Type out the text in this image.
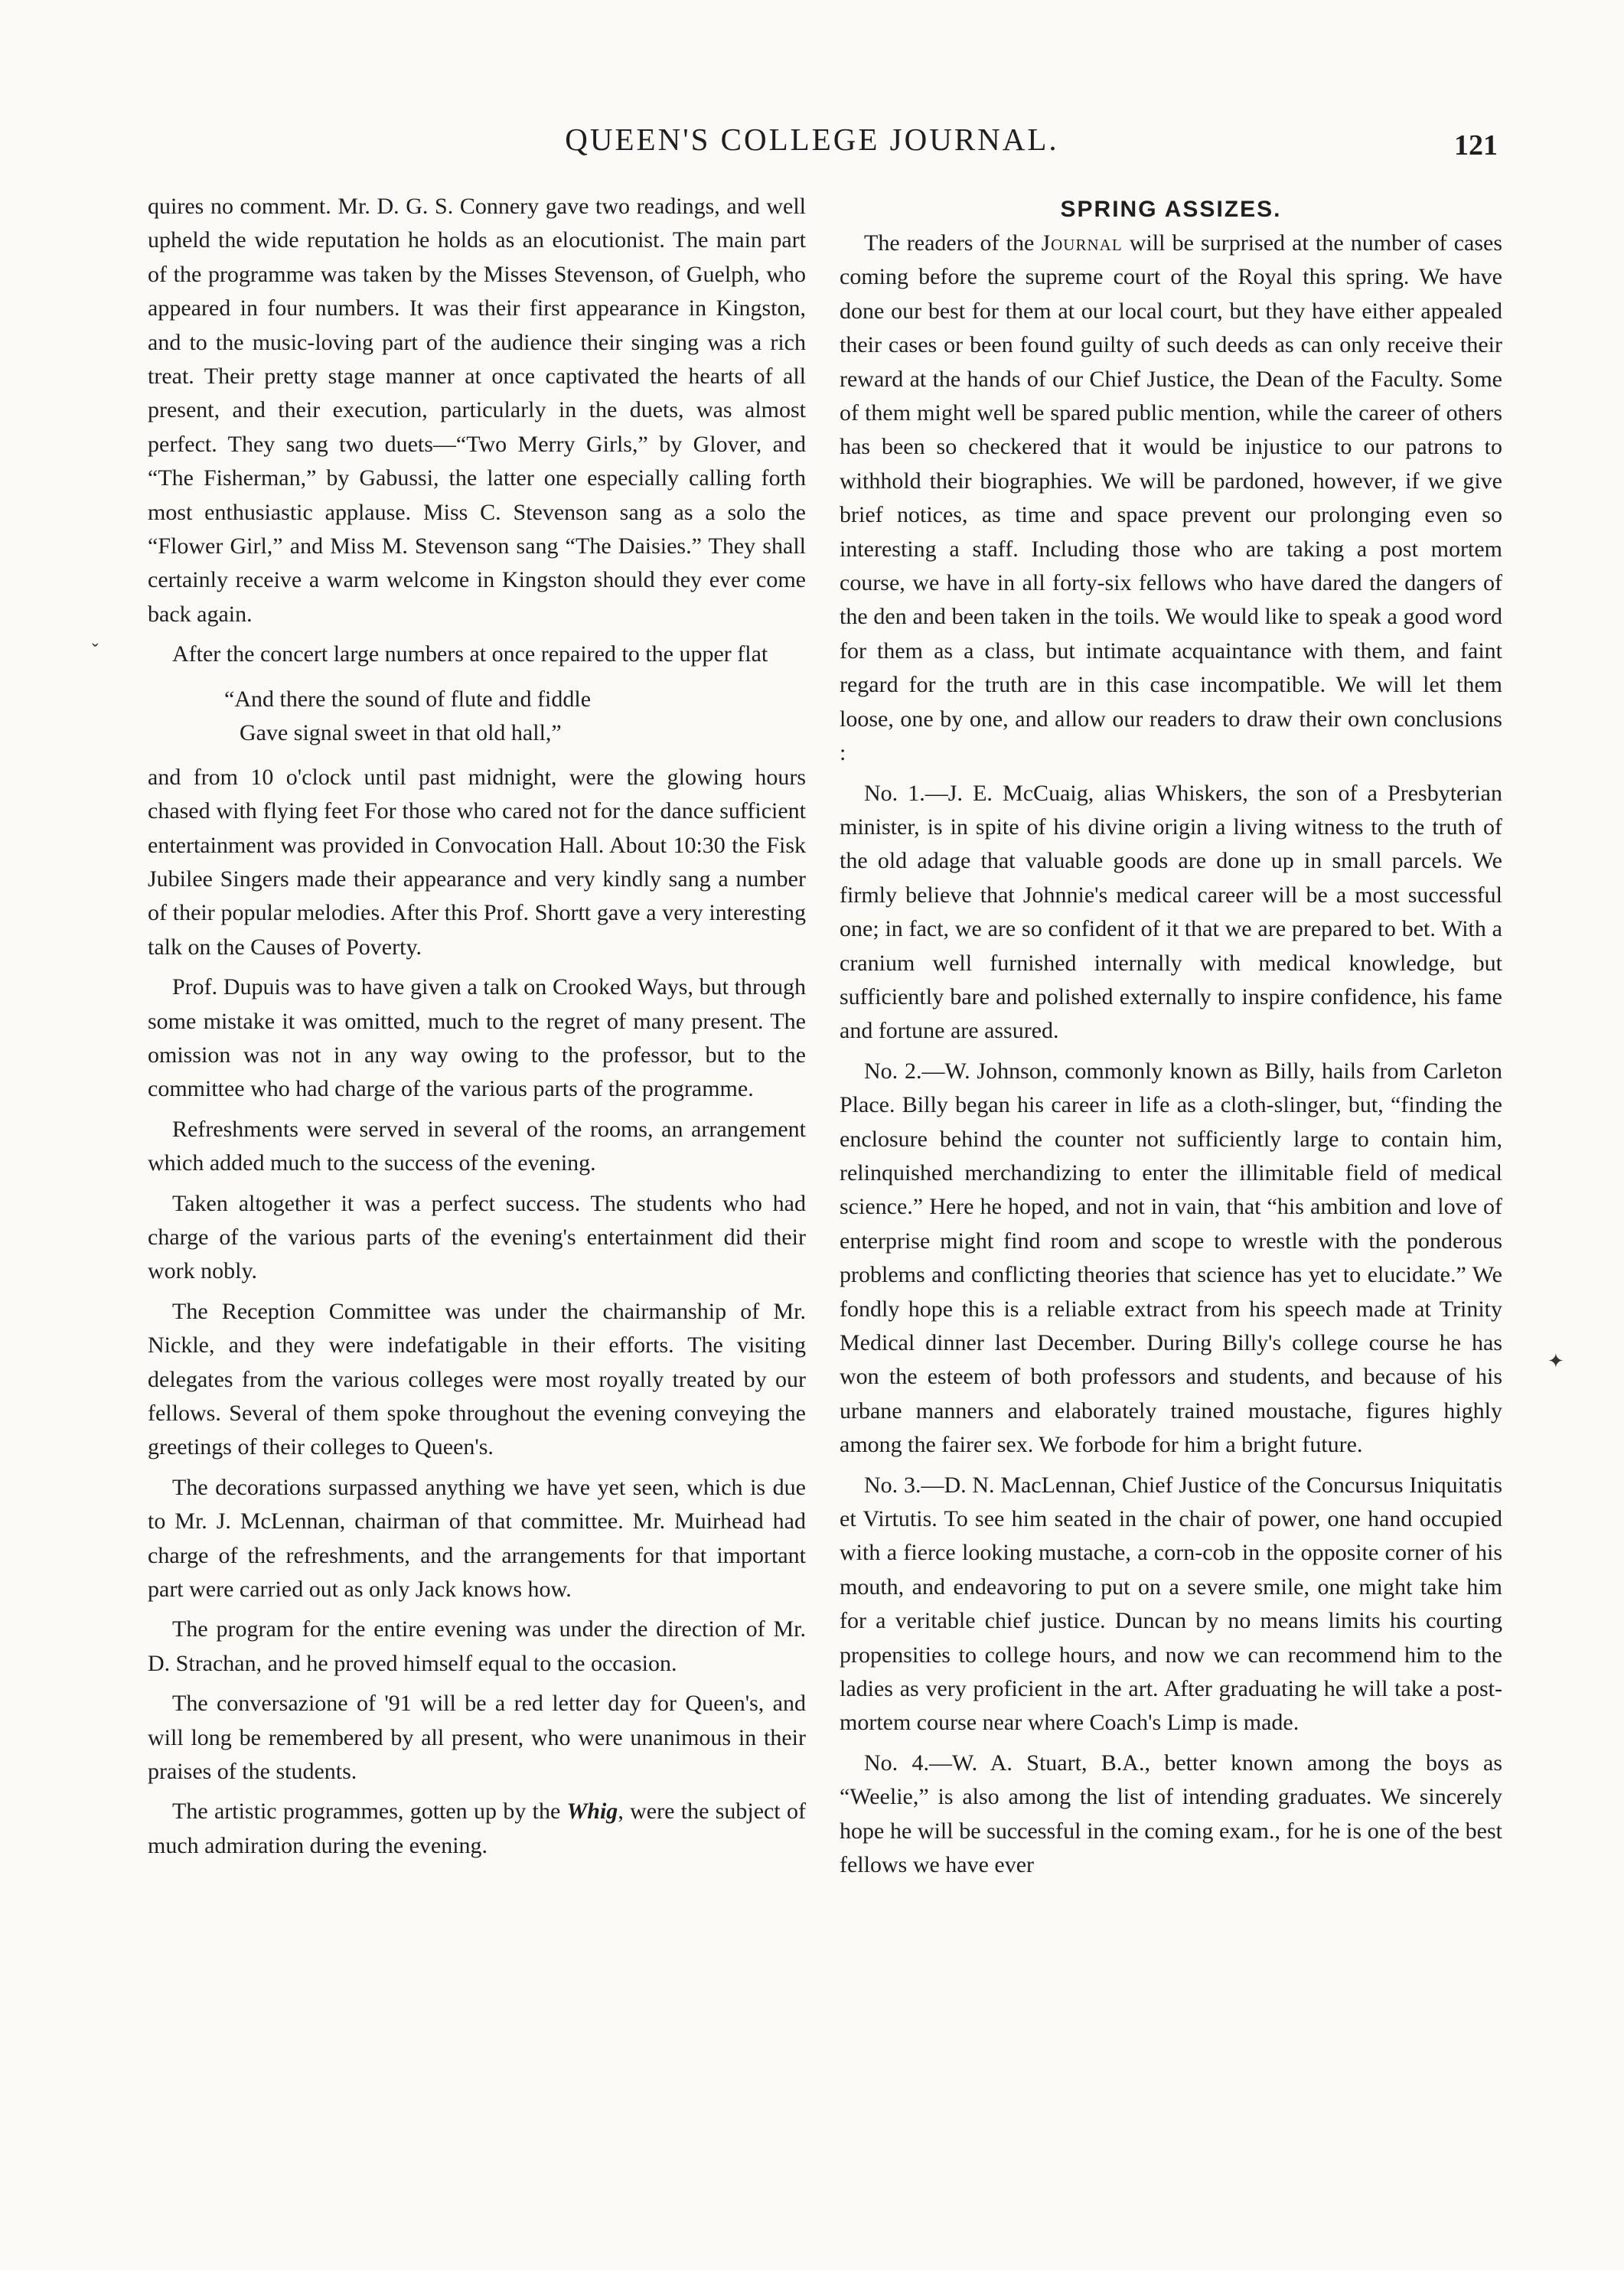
QUEEN'S COLLEGE JOURNAL.	121

quires no comment. Mr. D. G. S. Connery gave two readings, and well upheld the wide reputation he holds as an elocutionist. The main part of the programme was taken by the Misses Stevenson, of Guelph, who appeared in four numbers. It was their first appearance in Kingston, and to the music-loving part of the audience their singing was a rich treat. Their pretty stage manner at once captivated the hearts of all present, and their execution, particularly in the duets, was almost perfect. They sang two duets—“Two Merry Girls,” by Glover, and “The Fisherman,” by Gabussi, the latter one especially calling forth most enthusiastic applause. Miss C. Stevenson sang as a solo the “Flower Girl,” and Miss M. Stevenson sang “The Daisies.” They shall certainly receive a warm welcome in Kingston should they ever come back again.

After the concert large numbers at once repaired to the upper flat

“And there the sound of flute and fiddle
Gave signal sweet in that old hall,”

and from 10 o'clock until past midnight, were the glowing hours chased with flying feet For those who cared not for the dance sufficient entertainment was provided in Convocation Hall. About 10:30 the Fisk Jubilee Singers made their appearance and very kindly sang a number of their popular melodies. After this Prof. Shortt gave a very interesting talk on the Causes of Poverty.

Prof. Dupuis was to have given a talk on Crooked Ways, but through some mistake it was omitted, much to the regret of many present. The omission was not in any way owing to the professor, but to the committee who had charge of the various parts of the programme.

Refreshments were served in several of the rooms, an arrangement which added much to the success of the evening.

Taken altogether it was a perfect success. The students who had charge of the various parts of the evening's entertainment did their work nobly.

The Reception Committee was under the chairmanship of Mr. Nickle, and they were indefatigable in their efforts. The visiting delegates from the various colleges were most royally treated by our fellows. Several of them spoke throughout the evening conveying the greetings of their colleges to Queen's.

The decorations surpassed anything we have yet seen, which is due to Mr. J. McLennan, chairman of that committee. Mr. Muirhead had charge of the refreshments, and the arrangements for that important part were carried out as only Jack knows how.

The program for the entire evening was under the direction of Mr. D. Strachan, and he proved himself equal to the occasion.

The conversazione of '91 will be a red letter day for Queen's, and will long be remembered by all present, who were unanimous in their praises of the students.

The artistic programmes, gotten up by the Whig, were the subject of much admiration during the evening.

SPRING ASSIZES.

The readers of the Journal will be surprised at the number of cases coming before the supreme court of the Royal this spring. We have done our best for them at our local court, but they have either appealed their cases or been found guilty of such deeds as can only receive their reward at the hands of our Chief Justice, the Dean of the Faculty. Some of them might well be spared public mention, while the career of others has been so checkered that it would be injustice to our patrons to withhold their biographies. We will be pardoned, however, if we give brief notices, as time and space prevent our prolonging even so interesting a staff. Including those who are taking a post mortem course, we have in all forty-six fellows who have dared the dangers of the den and been taken in the toils. We would like to speak a good word for them as a class, but intimate acquaintance with them, and faint regard for the truth are in this case incompatible. We will let them loose, one by one, and allow our readers to draw their own conclusions :

No. 1.—J. E. McCuaig, alias Whiskers, the son of a Presbyterian minister, is in spite of his divine origin a living witness to the truth of the old adage that valuable goods are done up in small parcels. We firmly believe that Johnnie's medical career will be a most successful one; in fact, we are so confident of it that we are prepared to bet. With a cranium well furnished internally with medical knowledge, but sufficiently bare and polished externally to inspire confidence, his fame and fortune are assured.

No. 2.—W. Johnson, commonly known as Billy, hails from Carleton Place. Billy began his career in life as a cloth-slinger, but, “finding the enclosure behind the counter not sufficiently large to contain him, relinquished merchandizing to enter the illimitable field of medical science.” Here he hoped, and not in vain, that “his ambition and love of enterprise might find room and scope to wrestle with the ponderous problems and conflicting theories that science has yet to elucidate.” We fondly hope this is a reliable extract from his speech made at Trinity Medical dinner last December. During Billy's college course he has won the esteem of both professors and students, and because of his urbane manners and elaborately trained moustache, figures highly among the fairer sex. We forbode for him a bright future.

No. 3.—D. N. MacLennan, Chief Justice of the Concursus Iniquitatis et Virtutis. To see him seated in the chair of power, one hand occupied with a fierce looking mustache, a corn-cob in the opposite corner of his mouth, and endeavoring to put on a severe smile, one might take him for a veritable chief justice. Duncan by no means limits his courting propensities to college hours, and now we can recommend him to the ladies as very proficient in the art. After graduating he will take a post-mortem course near where Coach's Limp is made.

No. 4.—W. A. Stuart, B.A., better known among the boys as “Weelie,” is also among the list of intending graduates. We sincerely hope he will be successful in the coming exam., for he is one of the best fellows we have ever

ˇ
✦
